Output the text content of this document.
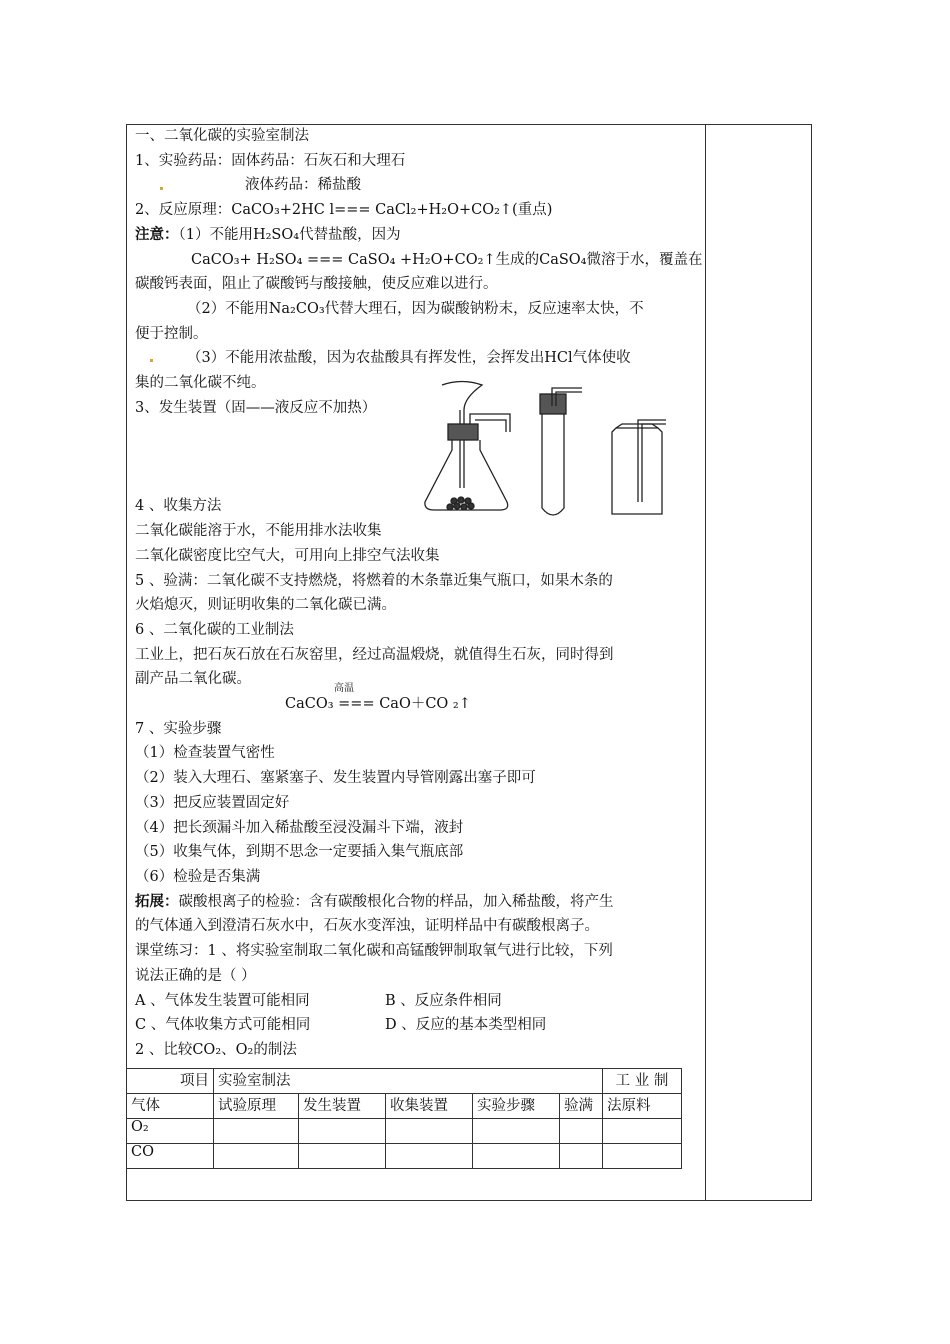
一、二氧化碳的实验室制法
1、实验药品：固体药品：石灰石和大理石
液体药品：稀盐酸
2、反应原理：CaCO₃+2HC l=== CaCl₂+H₂O+CO₂↑(重点)
注意：（1）不能用H₂SO₄代替盐酸，因为
CaCO₃+ H₂SO₄ === CaSO₄ +H₂O+CO₂↑生成的CaSO₄微溶于水，覆盖在
碳酸钙表面，阻止了碳酸钙与酸接触，使反应难以进行。
（2）不能用Na₂CO₃代替大理石，因为碳酸钠粉末，反应速率太快，不
便于控制。
（3）不能用浓盐酸，因为农盐酸具有挥发性，会挥发出HCl气体使收
集的二氧化碳不纯。
3、发生装置（固——液反应不加热）
4 、收集方法
二氧化碳能溶于水，不能用排水法收集
二氧化碳密度比空气大，可用向上排空气法收集
5 、验满：二氧化碳不支持燃烧，将燃着的木条靠近集气瓶口，如果木条的
火焰熄灭，则证明收集的二氧化碳已满。
6 、二氧化碳的工业制法
工业上，把石灰石放在石灰窑里，经过高温煅烧，就值得生石灰，同时得到
副产品二氧化碳。
CaCO₃ === CaO＋CO ₂↑
7 、实验步骤
（1）检查装置气密性
（2）装入大理石、塞紧塞子、发生装置内导管刚露出塞子即可
（3）把反应装置固定好
（4）把长颈漏斗加入稀盐酸至浸没漏斗下端，液封
（5）收集气体，到期不思念一定要插入集气瓶底部
（6）检验是否集满
拓展：碳酸根离子的检验：含有碳酸根化合物的样品，加入稀盐酸，将产生
的气体通入到澄清石灰水中，石灰水变浑浊，证明样品中有碳酸根离子。
课堂练习：1 、将实验室制取二氧化碳和高锰酸钾制取氧气进行比较，下列
说法正确的是（ ）
A 、气体发生装置可能相同	B 、反应条件相同
C 、气体收集方式可能相同	D 、反应的基本类型相同
2 、比较CO₂、O₂的制法
高温
项目	实验室制法					工 业 制
气体	试验原理	发生装置	收集装置	实验步骤	验满	法原料
O₂						
CO						
